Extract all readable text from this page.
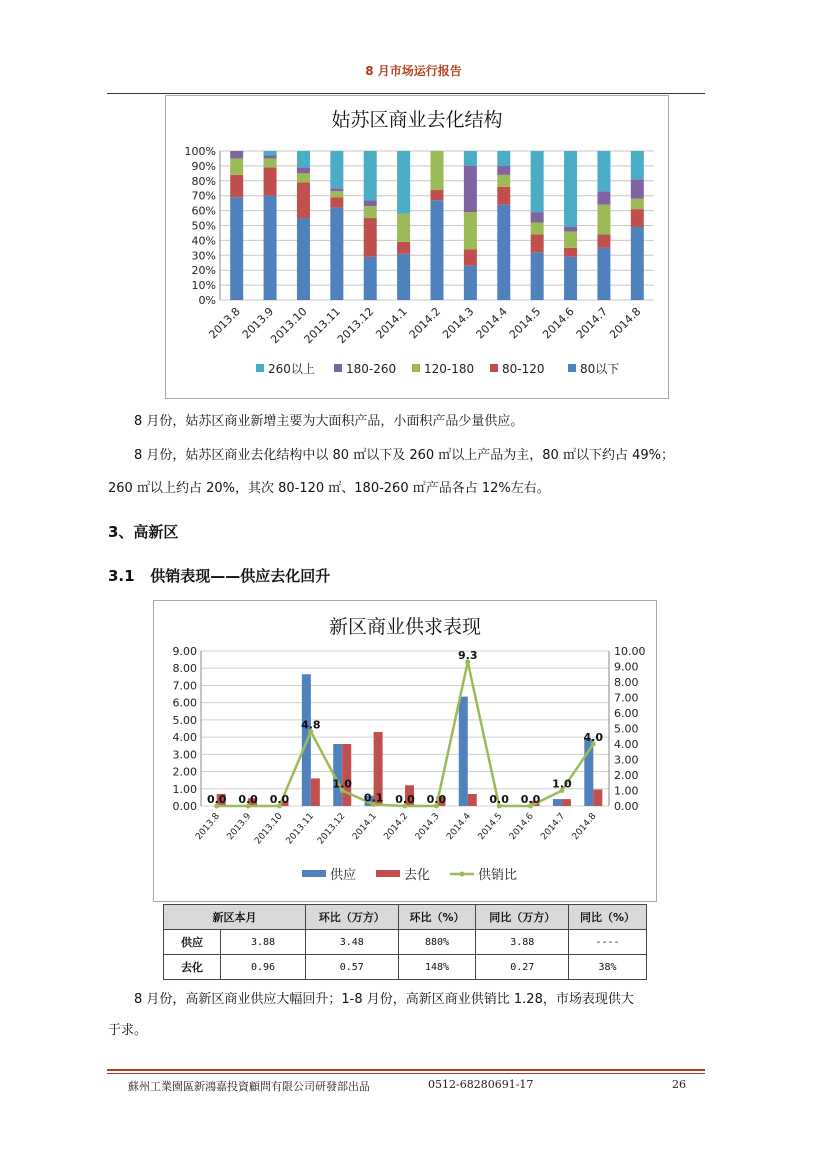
8 月市场运行报告
姑苏区商业去化结构
0%
10%
20%
30%
40%
50%
60%
70%
80%
90%
100%
2013.8
2013.9
2013.10
2013.11
2013.12
2014.1
2014.2
2014.3
2014.4
2014.5
2014.6
2014.7
2014.8
260以上	180-260 120-180 80-120	80以下
8 月份，姑苏区商业新增主要为大面积产品，小面积产品少量供应。
8 月份，姑苏区商业去化结构中以 80 ㎡以下及 260 ㎡以上产品为主，80 ㎡以下约占 49%；
260 ㎡以上约占 20%，其次 80-120 ㎡、180-260 ㎡产品各占 12%左右。
3、高新区
3.1   供销表现——供应去化回升
新区商业供求表现
0.00
1.00
2.00
3.00
4.00
5.00
6.00
7.00
8.00
9.00
0.00
1.00
2.00
3.00
4.00
5.00
6.00
7.00
8.00
9.00
10.00
2013.8 2013.9 2013.10 2013.11 2013.12 2014.1 2014.2 2014.3 2014.4 2014.5 2014.6 2014.7 2014.8
0.0 0.0 0.0
4.8
1.0
0.1 0.0 0.0
9.3
0.0 0.0
1.0
4.0
供应	去化	供销比
新区本月		环比（万方）	环比（%）	同比（万方）	同比（%）
供应	3.88	3.48	880%	3.88	----
去化	0.96	0.57	148%	0.27	38%
8 月份，高新区商业供应大幅回升；1-8 月份，高新区商业供销比 1.28，市场表现供大
于求。
蘇州工業園區新鴻嘉投資顧問有限公司研發部出品	0512-68280691-17	26
